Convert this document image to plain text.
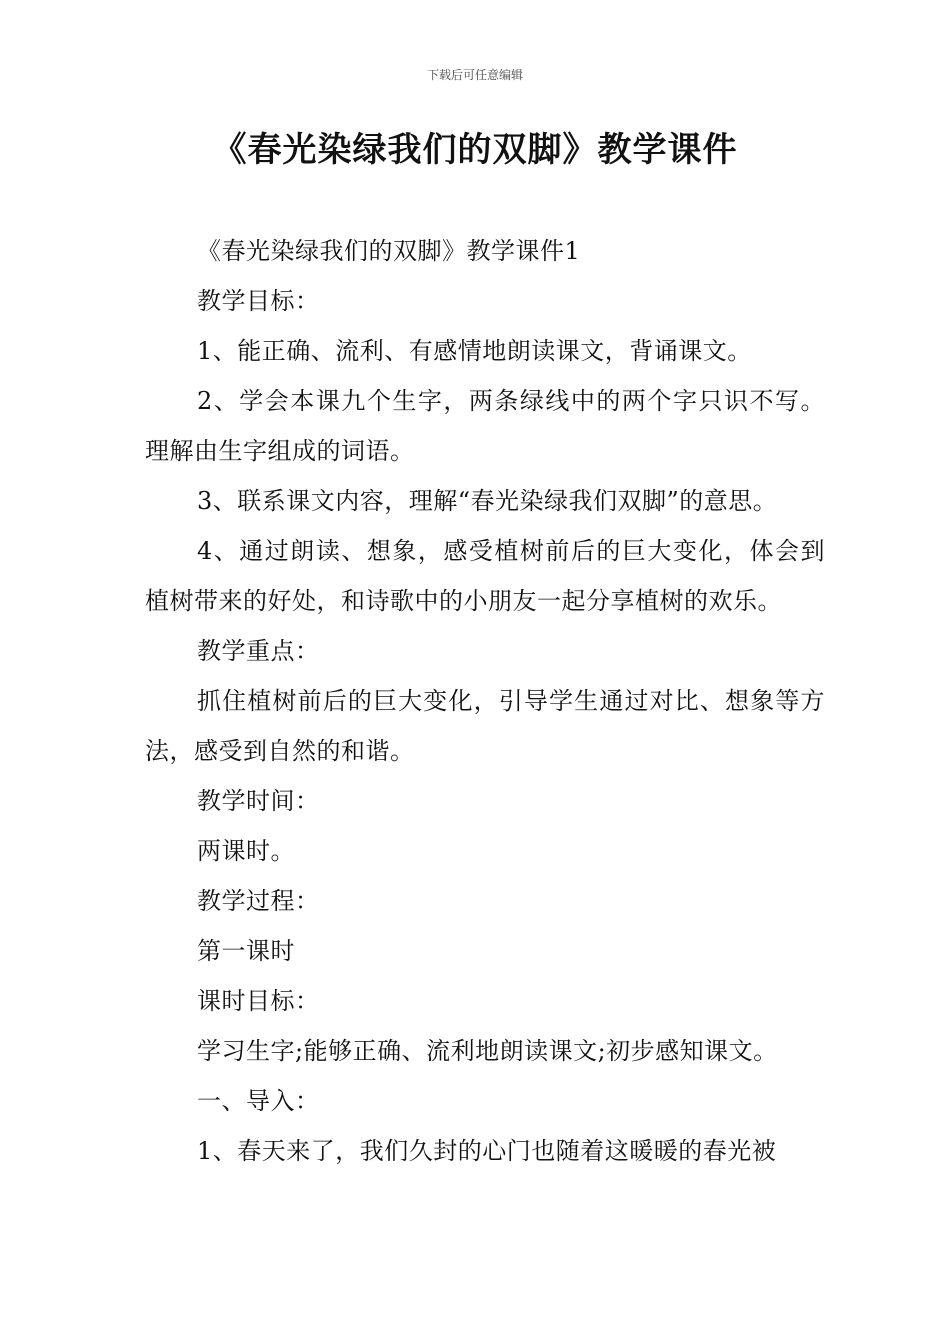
下载后可任意编辑
《春光染绿我们的双脚》教学课件

《春光染绿我们的双脚》教学课件1

教学目标：

1、能正确、流利、有感情地朗读课文，背诵课文。

2、学会本课九个生字，两条绿线中的两个字只识不写。理解由生字组成的词语。

3、联系课文内容，理解“春光染绿我们双脚”的意思。

4、通过朗读、想象，感受植树前后的巨大变化，体会到植树带来的好处，和诗歌中的小朋友一起分享植树的欢乐。

教学重点：

抓住植树前后的巨大变化，引导学生通过对比、想象等方法，感受到自然的和谐。

教学时间：

两课时。

教学过程：

第一课时

课时目标：

学习生字;能够正确、流利地朗读课文;初步感知课文。

一、导入：

1、春天来了，我们久封的心门也随着这暖暖的春光被
